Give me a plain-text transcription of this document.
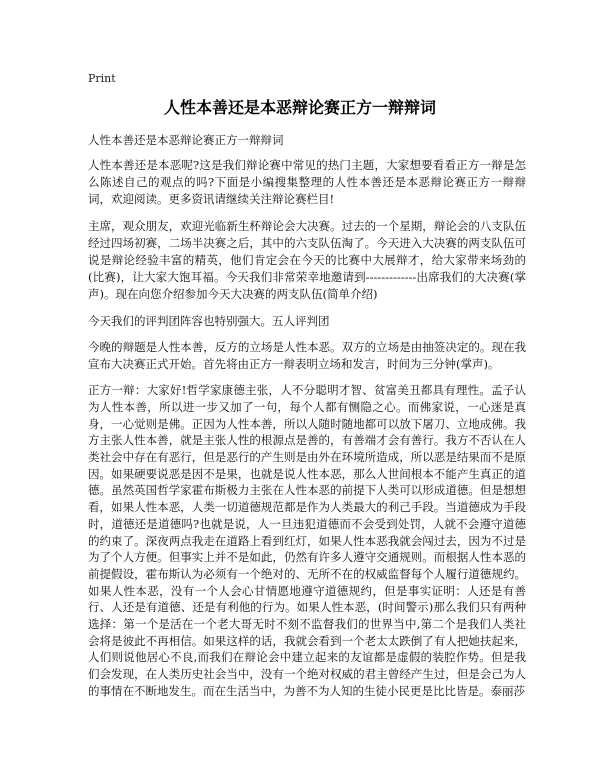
Print
人性本善还是本恶辩论赛正方一辩辩词
人性本善还是本恶辩论赛正方一辩辩词

人性本善还是本恶呢?这是我们辩论赛中常见的热门主题，大家想要看看正方一辩是怎么陈述自己的观点的吗?下面是小编搜集整理的人性本善还是本恶辩论赛正方一辩辩词，欢迎阅读。更多资讯请继续关注辩论赛栏目!

主席，观众朋友，欢迎光临新生杯辩论会大决赛。过去的一个星期，辩论会的八支队伍经过四场初赛，二场半决赛之后，其中的六支队伍淘了。今天进入大决赛的两支队伍可说是辩论经验丰富的精英，他们肯定会在今天的比赛中大展辩才，给大家带来场劲的(比赛)，让大家大饱耳福。今天我们非常荣幸地邀请到-------------出席我们的大决赛(掌声)。现在向您介绍参加今天大决赛的两支队伍(简单介绍)

今天我们的评判团阵容也特别强大。五人评判团

今晚的辩题是人性本善，反方的立场是人性本恶。双方的立场是由抽签决定的。现在我宣布大决赛正式开始。首先将由正方一辩表明立场和发言，时间为三分钟(掌声)。

正方一辩：大家好!哲学家康德主张，人不分聪明才智、贫富美丑都具有理性。孟子认为人性本善，所以进一步又加了一句，每个人都有恻隐之心。而佛家说，一心迷是真身，一心觉则是佛。正因为人性本善，所以人随时随地都可以放下屠刀、立地成佛。我方主张人性本善，就是主张人性的根源点是善的，有善端才会有善行。我方不否认在人类社会中存在有恶行，但是恶行的产生则是由外在环境所造成，所以恶是结果而不是原因。如果硬要说恶是因不是果，也就是说人性本恶，那么人世间根本不能产生真正的道德。虽然英国哲学家霍布斯极力主张在人性本恶的前提下人类可以形成道德。但是想想看，如果人性本恶，人类一切道德规范都是作为人类最大的利己手段。当道德成为手段时，道德还是道德吗?也就是说，人一旦违犯道德而不会受到处罚，人就不会遵守道德的约束了。深夜两点我走在道路上看到红灯，如果人性本恶我就会闯过去，因为不过是为了个人方便。但事实上并不是如此，仍然有许多人遵守交通规则。而根据人性本恶的前提假设，霍布斯认为必须有一个绝对的、无所不在的权威监督每个人履行道德规约。如果人性本恶，没有一个人会心甘情愿地遵守道德规约，但是事实证明：人还是有善行、人还是有道德、还是有利他的行为。如果人性本恶，(时间警示)那么我们只有两种选择：第一个是活在一个老大哥无时不刻不监督我们的世界当中,第二个是我们人类社会将是彼此不再相信。如果这样的话，我就会看到一个老太太跌倒了有人把她扶起来，人们则说他居心不良,而我们在辩论会中建立起来的友谊都是虚假的装腔作势。但是我们会发现，在人类历史社会当中，没有一个绝对权威的君主曾经产生过，但是会己为人的事情在不断地发生。而在生活当中，为善不为人知的生徒小民更是比比皆是。泰丽莎
